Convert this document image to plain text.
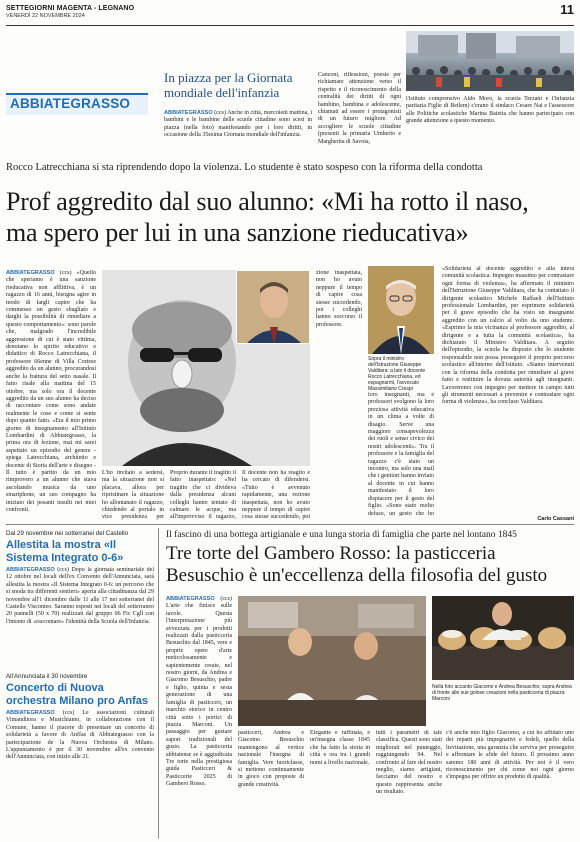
SETTEGIORNI MAGENTA - LEGNANO
VENERDÌ 22 NOVEMBRE 2024	11
ABBIATEGRASSO
In piazza per la Giornata mondiale dell'infanzia
ABBIATEGRASSO (ccs) Anche in città, mercoledì mattina, i bambini e le bambine delle scuole cittadine sono scesi in piazza (nella foto) manifestando per i loro diritti, in occasione della 35esima Giornata mondiale dell'infanzia.
Canzoni, riflessioni, poesie per richiamare attenzione verso il rispetto e il riconoscimento della centralità dei diritti di ogni bambino, bambina e adolescente, chiamati ad essere i protagonisti di un futuro migliore. Ad accogliere le scuole cittadine (presenti la primaria Umberto e Margherita di Savoia,
l'istituto comprensivo Aldo Moro, la scuola Terzani e l'infanzia paritaria Figlie di Betlem) c'erano il sindaco Cesare Nai e l'assessore alle Politiche scolastiche Marina Baietta che hanno partecipato con grande attenzione a questo momento.
Rocco Latrecchiana si sta riprendendo dopo la violenza. Lo studente è stato sospeso con la riforma della condotta
Prof aggredito dal suo alunno: «Mi ha rotto il naso,
ma spero per lui in una sanzione rieducativa»
ABBIATEGRASSO (ccs) «Quello che speriamo è una sanzione rieducativa non afflittiva, è un ragazzo di 16 anni, bisogna agire in modo di fargli capire che ha commesso un gesto sbagliato e darghi la possibilità di rimediare a questo comportamento»: sono parole che, malgrado l'incredibile aggressione di cui è stato vittima, denotano lo spirito educativo e didattico di Rocco Latrecchiana, il professore 66enne di Villa Cortese aggredito da un alunno, procurandosi anche la frattura del setto nasale. Il fatto risale alla mattina del 15 ottobre, ma solo ora il docente aggredito da un suo alunno ha deciso di raccontare come sono andate realmente le cose e come si sente dopo quanto fatto. «Era il mio primo giorno di insegnamento all'Istituto Lombardini di Abbiategrasso, la prima ora di lezione, mai mi sarei aspettato un episodio del genere - spiega Latrecchiana, architetto e docente di Storia dell'arte e disegno - Il tutto è partito da un mio rimprovero a un alunno che stava ascoltando musica da uno smartphone, un suo compagno ha iniziato dei pesanti insulti nei miei confronti.
L'ho invitato a sedersi, ma la situazione non si placava, allora per ripristinare la situazione ho allontanato il ragazzo, chiedendo al portalo in vice presidenza per
Proprio durante il tragitto il fatto inaspettato: «Nel tragitto che ci divideva dalla presidenza alcuni colleghi hanno tentato di calmare le acque, ma all'improvviso il ragazzo,
Il docente non ha reagito e ha cercato di difendersi. «Tutto è avvenuto rapidamente, una rezione inaspettata, non ho avuto neppure il tempo di capire cosa stesse succedendo, poi
zione inaspettata, non ho avuto neppure il tempo di capire cosa stesse succedendo, poi i colleghi hanno soccorso il professore.
Sopra il ministro dell'Istruzione Giuseppe Valditara; a lato il docente Rocco Latrecchiana, ed espagnarmi, l'avvocato Massimiliano Crespi
loro insegnanti, ma è professori svolgono la loro preziosa attività educativa in un clima a volte di disagio. Serve una maggiore consapevolezza dei ruoli e senso civico dei nostri adolescenti». Tra il professore e la famiglia del ragazzo c'è stato un incontro, ma solo una mail che i genitori hanno inviato al docente in cui hanno manifestato il loro dispiacere per il gesto del figlio. «Sono stato molto deluso, un gesto che ho
«Solidarietà al docente aggredito e alla intera comunità scolastica. Impegno massimo per contrastare ogni forma di violenza», ha affermato il ministro dell'Istruzione Giuseppe Valditara, che ha contattato il dirigente scolastico Michele Raffaeli dell'Istituto professionale Lombardini, per esprimere solidarietà per il grave episodio che ha visto un insegnante aggredito con un calcio al volto da uno studente. «Esprimo la mia vicinanza al professore aggredito, al dirigente e a tutta la comunità scolastica», ha dichiarato il Ministro Valditara. A seguito dell'episodio, la scuola ha disposto che lo studente responsabile non possa proseguire il proprio percorso scolastico all'interno dell'istituto. «Siamo intervenuti con la riforma della condotta per rimediare al grave fatto e restituire la dovuta autorità agli insegnanti. Lavoreremo con impegno per mettere in campo tutti gli strumenti necessari a prevenire e contrastare ogni forma di violenza», ha concluso Valditara.
Carlo Cassani
Dal 29 novembre nei sotterranei del Castello
Allestita la mostra «Il Sistema Integrato 0-6»
ABBIATEGRASSO (ccs) Dopo la giornata seminariale del 12 ottobre nel locali dell'ex Convento dell'Annunciata, sarà allestita la mostra «Il Sistema Integrato 0-6: un percorso che si snoda tra differenti sentieri» aperta alla cittadinanza dal 29 novembre all'1 dicembre dalle 11 alle 17 nei sotterranei del Castello Visconteo. Saranno esposti nei locali del sotterraneo 20 pannelli (50 x 70) realizzati dal gruppo 06 Fic Cgll con l'intento di «raccontare» l'identità della Scuola dell'Infanzia.
All'Annunciata il 30 novembre
Concerto di Nuova orchestra Milano pro Anfas
ABBIATEGRASSO (ccs) Le associazioni culturali Vimanditora e Musichiamo, in collaborazione con il Comune, hanno il piacere di presentare un concerto di solidarietà a favore di Anffas di Abbiategrasso con la partecipazione de la Nuova Orchestra di Milano. L'appuntamento è per il 30 novembre all'ex convento dell'Annunciata, con inizio alle 21.
Il fascino di una bottega artigianale e una lunga storia di famiglia che parte nel lontano 1845
Tre torte del Gambero Rosso: la pasticceria
Besuschio è un'eccellenza della filosofia del gusto
ABBIATEGRASSO (ccs) L'arte che finisce sulle tavole. Questa l'interpretazione più avvezzata per i prodotti realizzati dalla pasticceria Besuschio dal 1845, vere e proprie opere d'arte meticolosamente e sapientemente create, nel nostro giorni, da Andrea e Giacomo Besuschio, padre e figlio, quinta e sesta generazione di una famiglia di pasticceri, un marchio storico in centro città sotto i portici di piazza Marconi. Un passaggio per gustare sapori tradizionali del gusto. La pasticceria abbiatense se è aggiudicata Tre torte nella prestigiosa guida Pasticceri & Pasticcerie 2025 di Gambero Rosso.
Nella foto accanto Giacomo e Andrea Besuschio; sopra Andrea di fronte alle sue golose creazioni nella pasticceria di piazza Marconi
pasticceri, Andrea e Giacomo Besuschio mantengono al vertice nazionale l'insegna di famiglia. Vere fuoriclasse, si mettono continuamente in gioco con proposte di grande creatività.
Elegante e raffinata, è un'insegna classe 1845 che ha fatto la storia in città e ora tra i grandi nomi a livello nazionale.
tutti i parametri di tale classifica. Questi sono stati migliorati nel punteggio, raggiungendo 94. Nel confronto al fare del nostro meglio, siamo artigiani, facciamo del nostro e questo rappresenta anche un risultato.
c'è anche mio figlio Giacomo, a cui ho affidato uno dei reparti più impegnativi e fedeli, quello della lievitazione, una garanzia che serviva per proseguire e affrontare le sfide del futuro. Il prossimo anno saremo 180 anni di attività. Per noi è il vero riconoscimento per chi come noi ogni giorno s'impegna per offrire un prodotto di qualità.
